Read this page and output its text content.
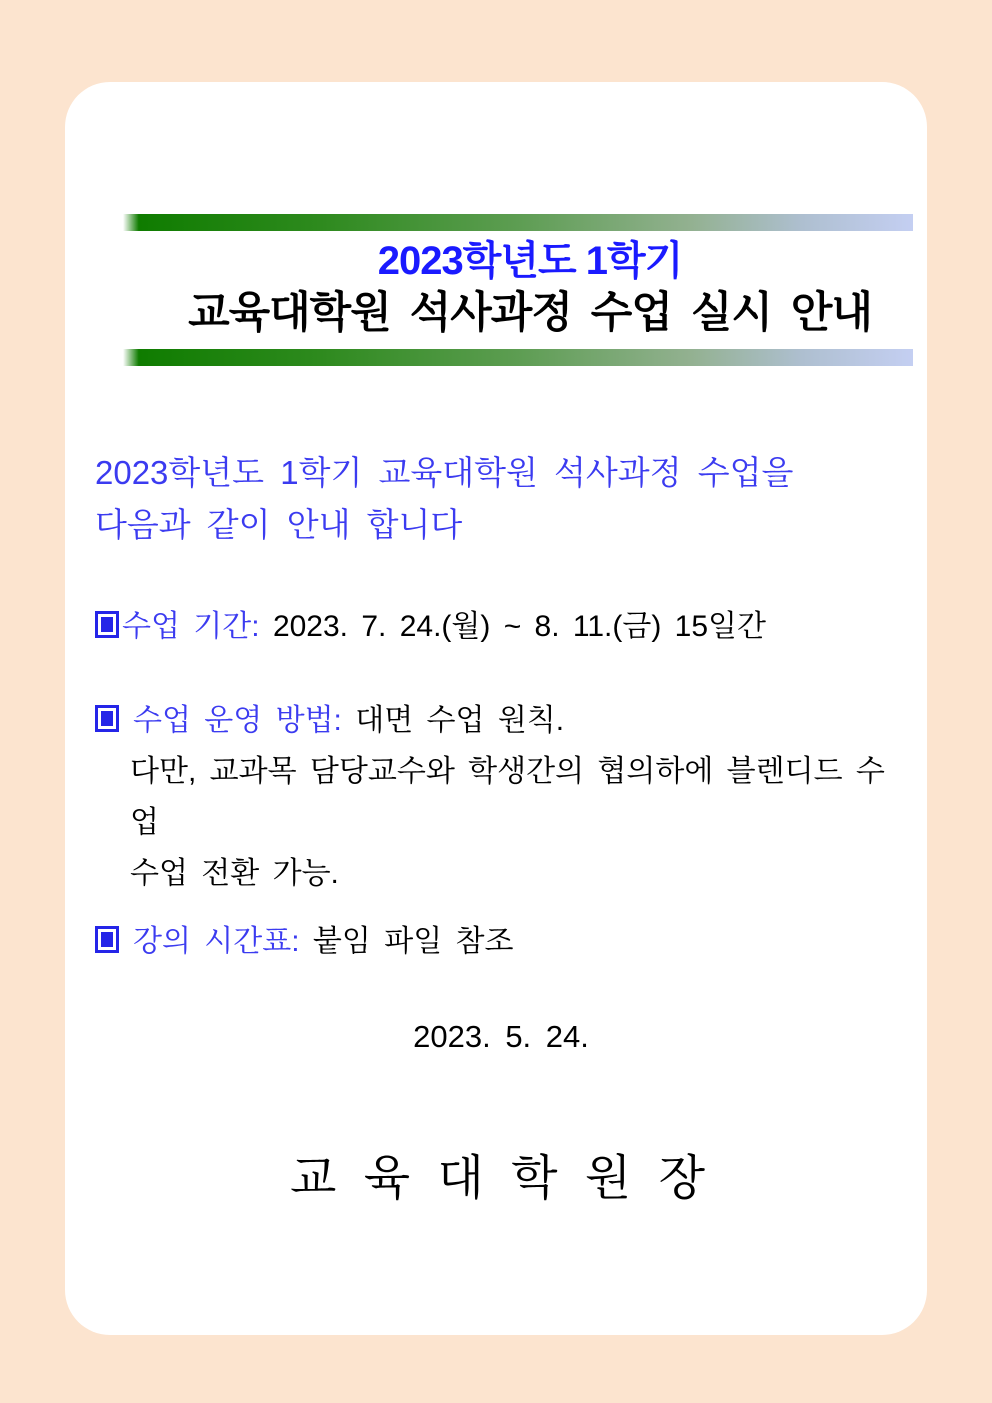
2023학년도 1학기
교육대학원 석사과정 수업 실시 안내
2023학년도 1학기 교육대학원 석사과정 수업을
다음과 같이 안내 합니다
수업 기간: 2023. 7. 24.(월) ~ 8. 11.(금) 15일간
수업 운영 방법: 대면 수업 원칙.
다만, 교과목 담당교수와 학생간의 협의하에 블렌디드 수업
수업 전환 가능.
강의 시간표: 붙임 파일 참조
2023. 5. 24.
교 육 대 학 원 장
